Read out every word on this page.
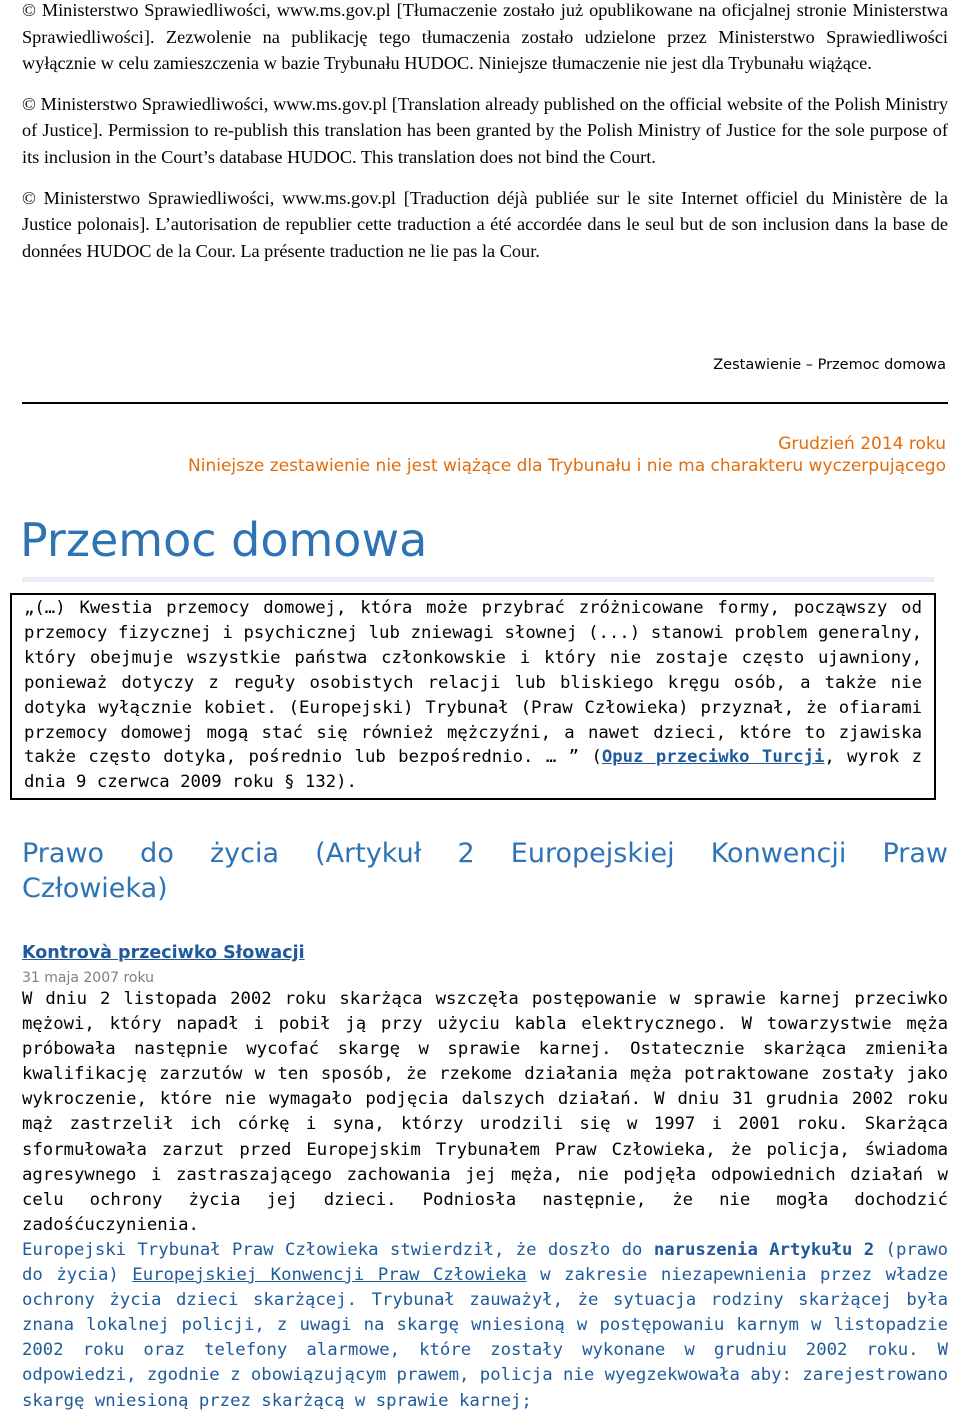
© Ministerstwo Sprawiedliwości, www.ms.gov.pl [Tłumaczenie zostało już opublikowane na oficjalnej stronie Ministerstwa Sprawiedliwości]. Zezwolenie na publikację tego tłumaczenia zostało udzielone przez Ministerstwo Sprawiedliwości wyłącznie w celu zamieszczenia w bazie Trybunału HUDOC. Niniejsze tłumaczenie nie jest dla Trybunału wiążące.

© Ministerstwo Sprawiedliwości, www.ms.gov.pl [Translation already published on the official website of the Polish Ministry of Justice]. Permission to re-publish this translation has been granted by the Polish Ministry of Justice for the sole purpose of its inclusion in the Court’s database HUDOC. This translation does not bind the Court.

© Ministerstwo Sprawiedliwości, www.ms.gov.pl [Traduction déjà publiée sur le site Internet officiel du Ministère de la Justice polonais]. L’autorisation de republier cette traduction a été accordée dans le seul but de son inclusion dans la base de données HUDOC de la Cour. La présente traduction ne lie pas la Cour.

Zestawienie – Przemoc domowa
Grudzień 2014 roku
Niniejsze zestawienie nie jest wiążące dla Trybunału i nie ma charakteru wyczerpującego
Przemoc domowa
„(…) Kwestia przemocy domowej, która może przybrać zróżnicowane formy, począwszy od przemocy fizycznej i psychicznej lub zniewagi słownej (...) stanowi problem generalny, który obejmuje wszystkie państwa członkowskie i który nie zostaje często ujawniony, ponieważ dotyczy z reguły osobistych relacji lub bliskiego kręgu osób, a także nie dotyka wyłącznie kobiet. (Europejski) Trybunał (Praw Człowieka) przyznał, że ofiarami przemocy domowej mogą stać się również mężczyźni, a nawet dzieci, które to zjawiska także często dotyka, pośrednio lub bezpośrednio. … ” (Opuz przeciwko Turcji, wyrok z dnia 9 czerwca 2009 roku § 132).
Prawo do życia (Artykuł 2 Europejskiej Konwencji Praw Człowieka)
Kontrovà przeciwko Słowacji
31 maja 2007 roku

W dniu 2 listopada 2002 roku skarżąca wszczęła postępowanie w sprawie karnej przeciwko mężowi, który napadł i pobił ją przy użyciu kabla elektrycznego. W towarzystwie męża próbowała następnie wycofać skargę w sprawie karnej. Ostatecznie skarżąca zmieniła kwalifikację zarzutów w ten sposób, że rzekome działania męża potraktowane zostały jako wykroczenie, które nie wymagało podjęcia dalszych działań. W dniu 31 grudnia 2002 roku mąż zastrzelił ich córkę i syna, którzy urodzili się w 1997 i 2001 roku. Skarżąca sformułowała zarzut przed Europejskim Trybunałem Praw Człowieka, że policja, świadoma agresywnego i zastraszającego zachowania jej męża, nie podjęła odpowiednich działań w celu ochrony życia jej dzieci. Podniosła następnie, że nie mogła dochodzić zadośćuczynienia.

Europejski Trybunał Praw Człowieka stwierdził, że doszło do naruszenia Artykułu 2 (prawo do życia) Europejskiej Konwencji Praw Człowieka w zakresie niezapewnienia przez władze ochrony życia dzieci skarżącej. Trybunał zauważył, że sytuacja rodziny skarżącej była znana lokalnej policji, z uwagi na skargę wniesioną w postępowaniu karnym w listopadzie 2002 roku oraz telefony alarmowe, które zostały wykonane w grudniu 2002 roku. W odpowiedzi, zgodnie z obowiązującym prawem, policja nie wyegzekwowała aby: zarejestrowano skargę wniesioną przez skarżącą w sprawie karnej;
